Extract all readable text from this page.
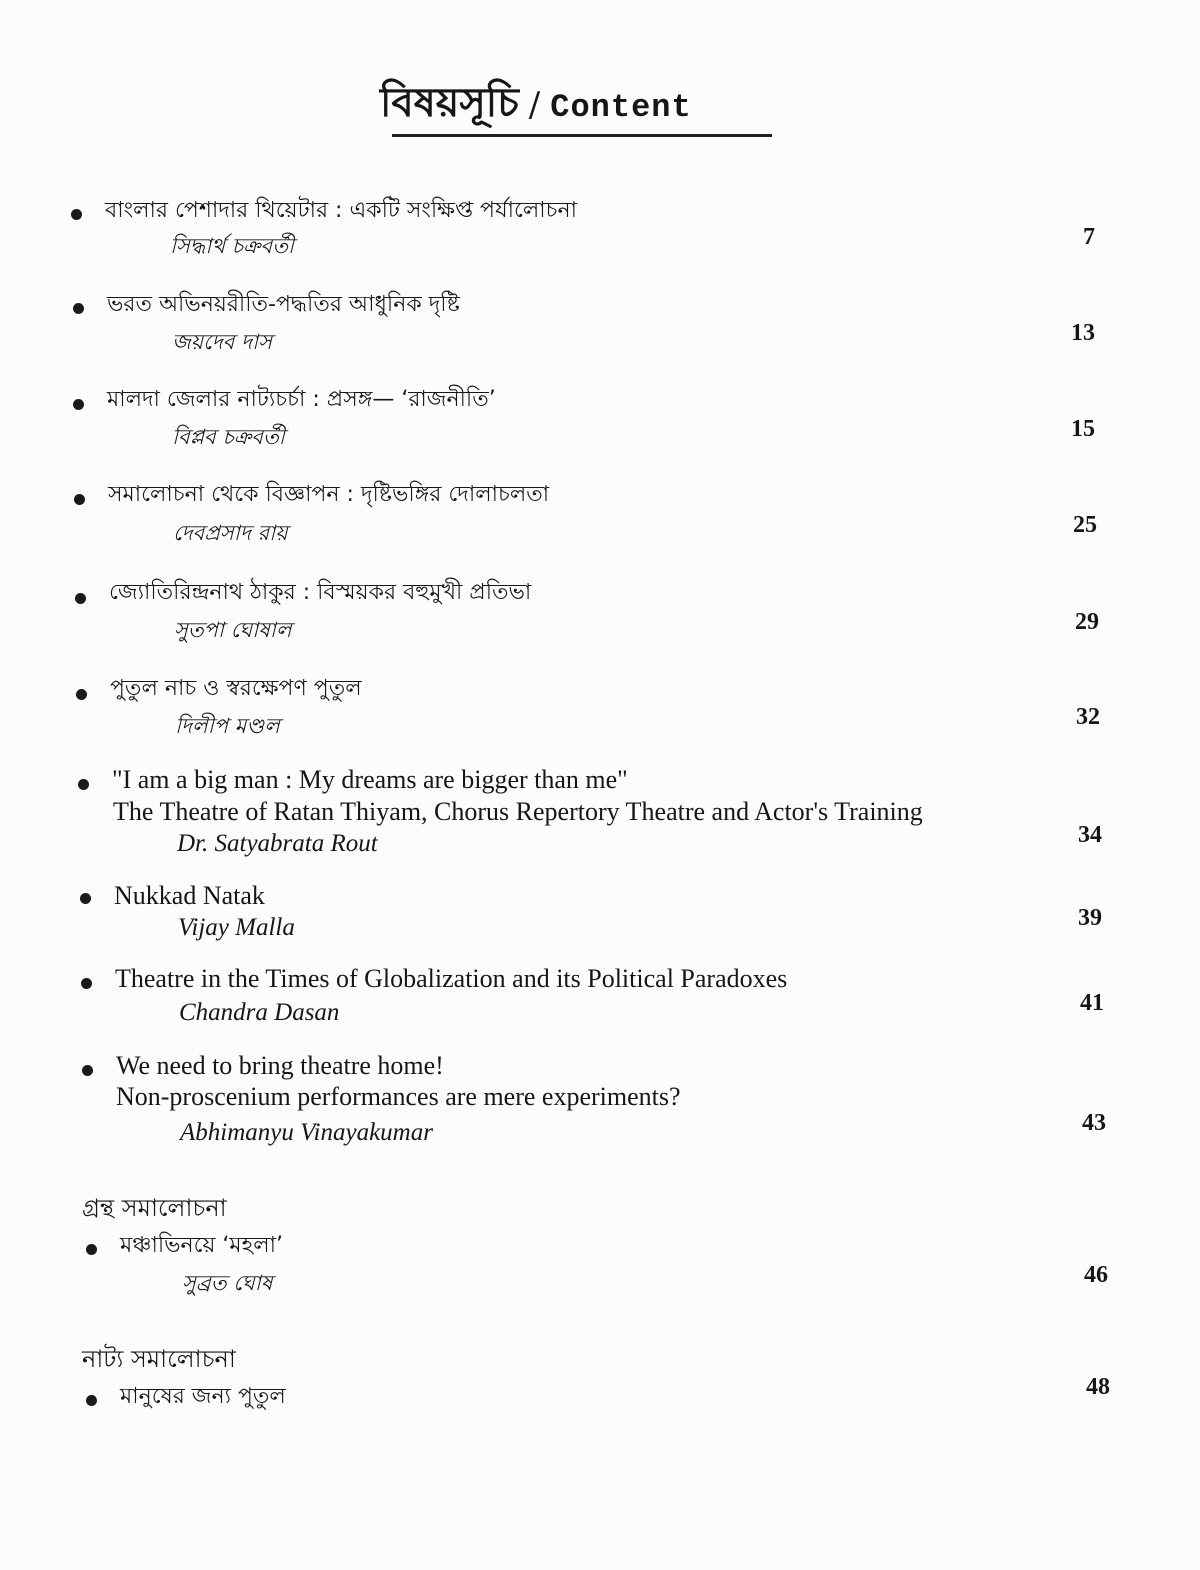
বিষয়সূচি / Content
বাংলার পেশাদার থিয়েটার : একটি সংক্ষিপ্ত পর্যালোচনা
সিদ্ধার্থ চক্রবর্তী	7
ভরত অভিনয়রীতি-পদ্ধতির আধুনিক দৃষ্টি
জয়দেব দাস	13
মালদা জেলার নাট্যচর্চা : প্রসঙ্গ— ‘রাজনীতি’
বিপ্লব চক্রবর্তী	15
সমালোচনা থেকে বিজ্ঞাপন : দৃষ্টিভঙ্গির দোলাচলতা
দেবপ্রসাদ রায়	25
জ্যোতিরিন্দ্রনাথ ঠাকুর : বিস্ময়কর বহুমুখী প্রতিভা
সুতপা ঘোষাল	29
পুতুল নাচ ও স্বরক্ষেপণ পুতুল
দিলীপ মণ্ডল	32
"I am a big man : My dreams are bigger than me"
The Theatre of Ratan Thiyam, Chorus Repertory Theatre and Actor's Training
Dr. Satyabrata Rout	34
Nukkad Natak
Vijay Malla	39
Theatre in the Times of Globalization and its Political Paradoxes
Chandra Dasan	41
We need to bring theatre home!
Non-proscenium performances are mere experiments?
Abhimanyu Vinayakumar	43
গ্রন্থ সমালোচনা
মঞ্চাভিনয়ে ‘মহলা’
সুব্রত ঘোষ	46
নাট্য সমালোচনা
মানুষের জন্য পুতুল	48
